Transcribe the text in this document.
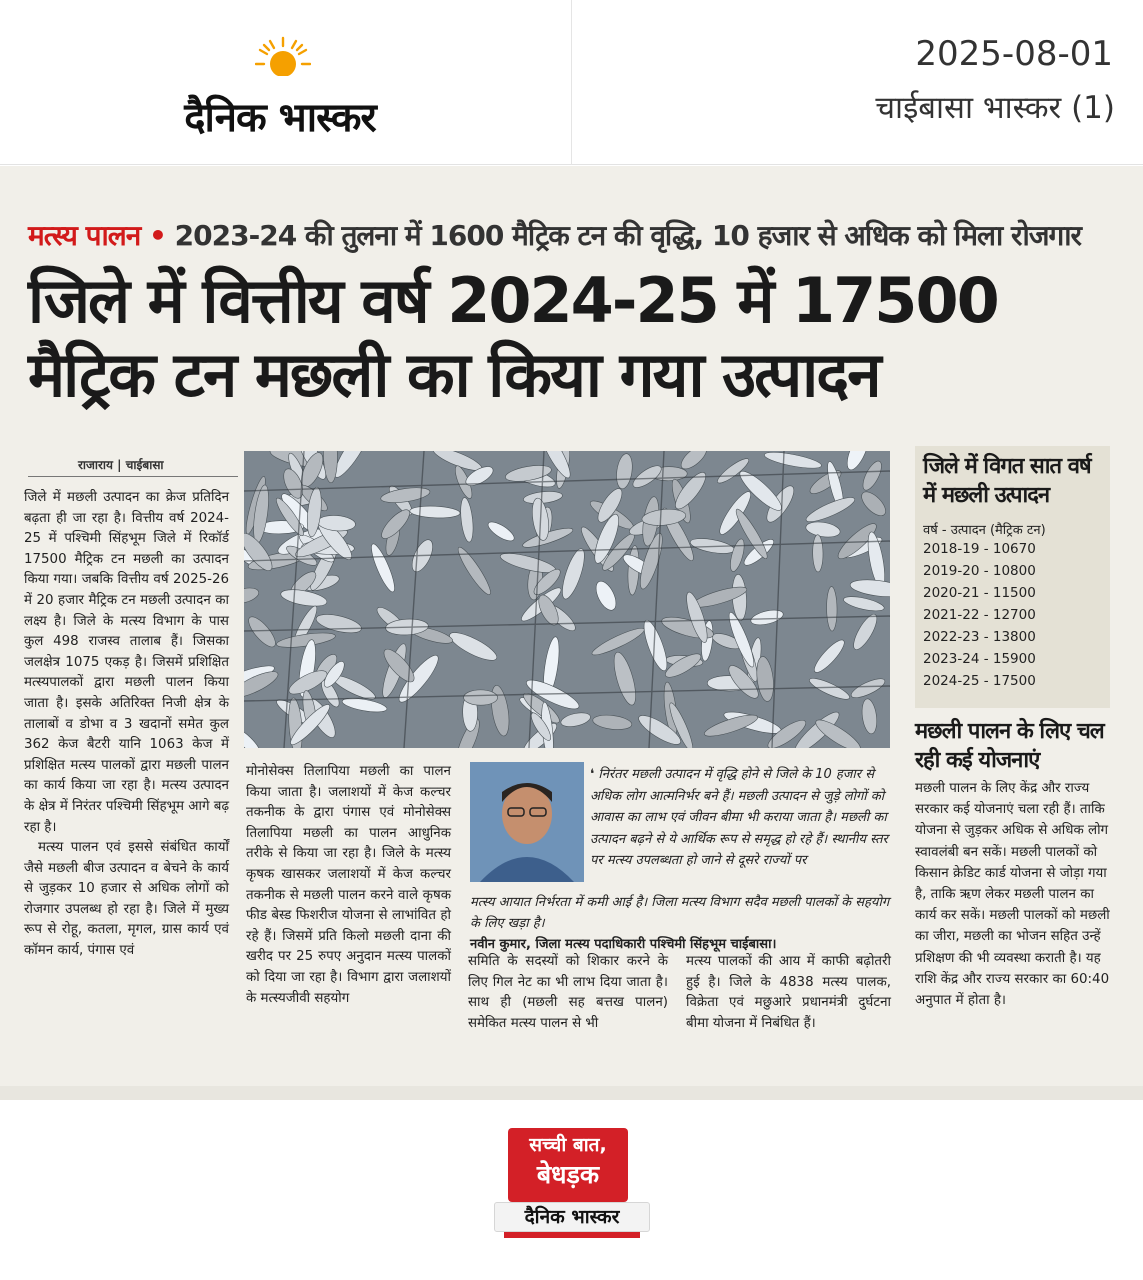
दैनिक भास्कर
2025-08-01
चाईबासा भास्कर (1)
मत्स्य पालन • 2023-24 की तुलना में 1600 मैट्रिक टन की वृद्धि, 10 हजार से अधिक को मिला रोजगार
जिले में वित्तीय वर्ष 2024-25 में 17500
मैट्रिक टन मछली का किया गया उत्पादन
राजाराय | चाईबासा

जिले में मछली उत्पादन का क्रेज प्रतिदिन बढ़ता ही जा रहा है। वित्तीय वर्ष 2024-25 में पश्चिमी सिंहभूम जिले में रिकॉर्ड 17500 मैट्रिक टन मछली का उत्पादन किया गया। जबकि वित्तीय वर्ष 2025-26 में 20 हजार मैट्रिक टन मछली उत्पादन का लक्ष्य है। जिले के मत्स्य विभाग के पास कुल 498 राजस्व तालाब हैं। जिसका जलक्षेत्र 1075 एकड़ है। जिसमें प्रशिक्षित मत्स्यपालकों द्वारा मछली पालन किया जाता है। इसके अतिरिक्त निजी क्षेत्र के तालाबों व डोभा व 3 खदानों समेत कुल 362 केज बैटरी यानि 1063 केज में प्रशिक्षित मत्स्य पालकों द्वारा मछली पालन का कार्य किया जा रहा है। मत्स्य उत्पादन के क्षेत्र में निरंतर पश्चिमी सिंहभूम आगे बढ़ रहा है।

मत्स्य पालन एवं इससे संबंधित कार्यों जैसे मछली बीज उत्पादन व बेचने के कार्य से जुड़कर 10 हजार से अधिक लोगों को रोजगार उपलब्ध हो रहा है। जिले में मुख्य रूप से रोहू, कतला, मृगल, ग्रास कार्य एवं कॉमन कार्य, पंगास एवं

जिले में विगत सात वर्ष में मछली उत्पादन
वर्ष - उत्पादन (मैट्रिक टन)
2018-19 - 10670
2019-20 - 10800
2020-21 - 11500
2021-22 - 12700
2022-23 - 13800
2023-24 - 15900
2024-25 - 17500
मछली पालन के लिए चल रही कई योजनाएं
मछली पालन के लिए केंद्र और राज्य सरकार कई योजनाएं चला रही हैं। ताकि योजना से जुड़कर अधिक से अधिक लोग स्वावलंबी बन सकें। मछली पालकों को किसान क्रेडिट कार्ड योजना से जोड़ा गया है, ताकि ऋण लेकर मछली पालन का कार्य कर सकें। मछली पालकों को मछली का जीरा, मछली का भोजन सहित उन्हें प्रशिक्षण की भी व्यवस्था कराती है। यह राशि केंद्र और राज्य सरकार का 60:40 अनुपात में होता है।

मोनोसेक्स तिलापिया मछली का पालन किया जाता है। जलाशयों में केज कल्चर तकनीक के द्वारा पंगास एवं मोनोसेक्स तिलापिया मछली का पालन आधुनिक तरीके से किया जा रहा है। जिले के मत्स्य कृषक खासकर जलाशयों में केज कल्चर तकनीक से मछली पालन करने वाले कृषक फीड बेस्ड फिशरीज योजना से लाभांवित हो रहे हैं। जिसमें प्रति किलो मछली दाना की खरीद पर 25 रुपए अनुदान मत्स्य पालकों को दिया जा रहा है। विभाग द्वारा जलाशयों के मत्स्यजीवी सहयोग

❛ निरंतर मछली उत्पादन में वृद्धि होने से जिले के 10 हजार से अधिक लोग आत्मनिर्भर बने हैं। मछली उत्पादन से जुड़े लोगों को आवास का लाभ एवं जीवन बीमा भी कराया जाता है। मछली का उत्पादन बढ़ने से ये आर्थिक रूप से समृद्ध हो रहे हैं। स्थानीय स्तर पर मत्स्य उपलब्धता हो जाने से दूसरे राज्यों पर
मत्स्य आयात निर्भरता में कमी आई है। जिला मत्स्य विभाग सदैव मछली पालकों के सहयोग के लिए खड़ा है।
नवीन कुमार, जिला मत्स्य पदाधिकारी पश्चिमी सिंहभूम चाईबासा।

समिति के सदस्यों को शिकार करने के लिए गिल नेट का भी लाभ दिया जाता है। साथ ही (मछली सह बत्तख पालन) समेकित मत्स्य पालन से भी

मत्स्य पालकों की आय में काफी बढ़ोतरी हुई है। जिले के 4838 मत्स्य पालक, विक्रेता एवं मछुआरे प्रधानमंत्री दुर्घटना बीमा योजना में निबंधित हैं।

सच्ची बात,
बेधड़क
दैनिक भास्कर
